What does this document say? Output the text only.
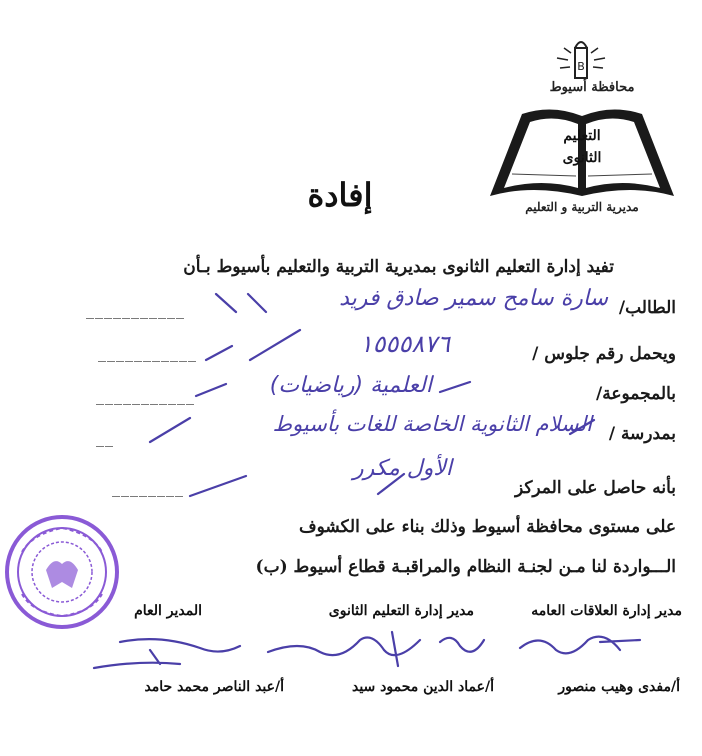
B
محافظة أسيوط
التعليم
الثانوى
مديرية التربية و التعليم
إفادة
تفيد إدارة التعليم الثانوى بمديرية التربية والتعليم بأسيوط بـأن
الطالب/
___________	سارة سامح سمير صادق فريد
ويحمل رقم جلوس /
___________	١٥٥٥٨٧٦
بالمجموعة/
___________	العلمية (رياضيات)
بمدرسة /
__
السلام الثانوية الخاصة للغات بأسيوط
بأنه حاصل على المركز
________
الأول مكرر
على مستوى محافظة أسيوط وذلك بناء على الكشوف
الـــواردة لنا مـن لجنـة النظام والمراقبـة قطاع أسيوط (ب)
مدير إدارة العلاقات العامه
مدير إدارة التعليم الثانوى
المدير العام
أ/مفدى وهيب منصور
أ/عماد الدين محمود سيد
أ/عبد الناصر محمد حامد
